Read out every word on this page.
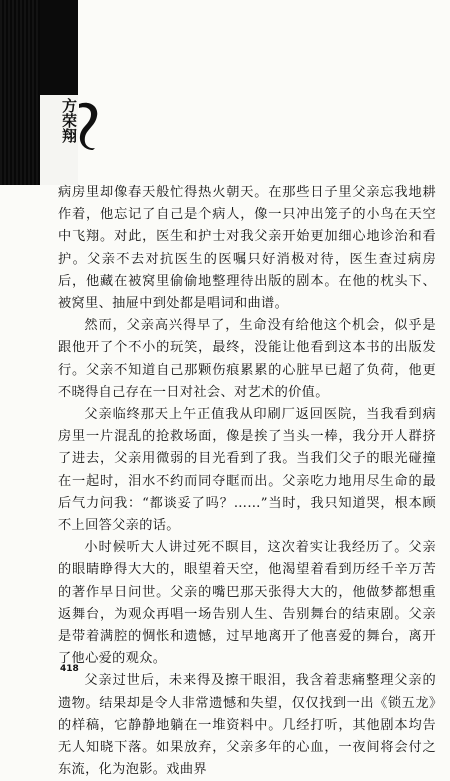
方荣翔

病房里却像春天般忙得热火朝天。在那些日子里父亲忘我地耕作着，他忘记了自己是个病人，像一只冲出笼子的小鸟在天空中飞翔。对此，医生和护士对我父亲开始更加细心地诊治和看护。父亲不去对抗医生的医嘱只好消极对待，医生查过病房后，他藏在被窝里偷偷地整理待出版的剧本。在他的枕头下、被窝里、抽屉中到处都是唱词和曲谱。

然而，父亲高兴得早了，生命没有给他这个机会，似乎是跟他开了个不小的玩笑，最终，没能让他看到这本书的出版发行。父亲不知道自己那颗伤痕累累的心脏早已超了负荷，他更不晓得自己存在一日对社会、对艺术的价值。

父亲临终那天上午正值我从印刷厂返回医院，当我看到病房里一片混乱的抢救场面，像是挨了当头一棒，我分开人群挤了进去，父亲用微弱的目光看到了我。当我们父子的眼光碰撞在一起时，泪水不约而同夺眶而出。父亲吃力地用尽生命的最后气力问我：“都谈妥了吗？……”当时，我只知道哭，根本顾不上回答父亲的话。

小时候听大人讲过死不瞑目，这次着实让我经历了。父亲的眼睛睁得大大的，眼望着天空，他渴望着看到历经千辛万苦的著作早日问世。父亲的嘴巴那天张得大大的，他做梦都想重返舞台，为观众再唱一场告别人生、告别舞台的结束剧。父亲是带着满腔的惆怅和遗憾，过早地离开了他喜爱的舞台，离开了他心爱的观众。

父亲过世后，未来得及擦干眼泪，我含着悲痛整理父亲的遗物。结果却是令人非常遗憾和失望，仅仅找到一出《锁五龙》的样稿，它静静地躺在一堆资料中。几经打听，其他剧本均告无人知晓下落。如果放弃，父亲多年的心血，一夜间将会付之东流，化为泡影。戏曲界

418
